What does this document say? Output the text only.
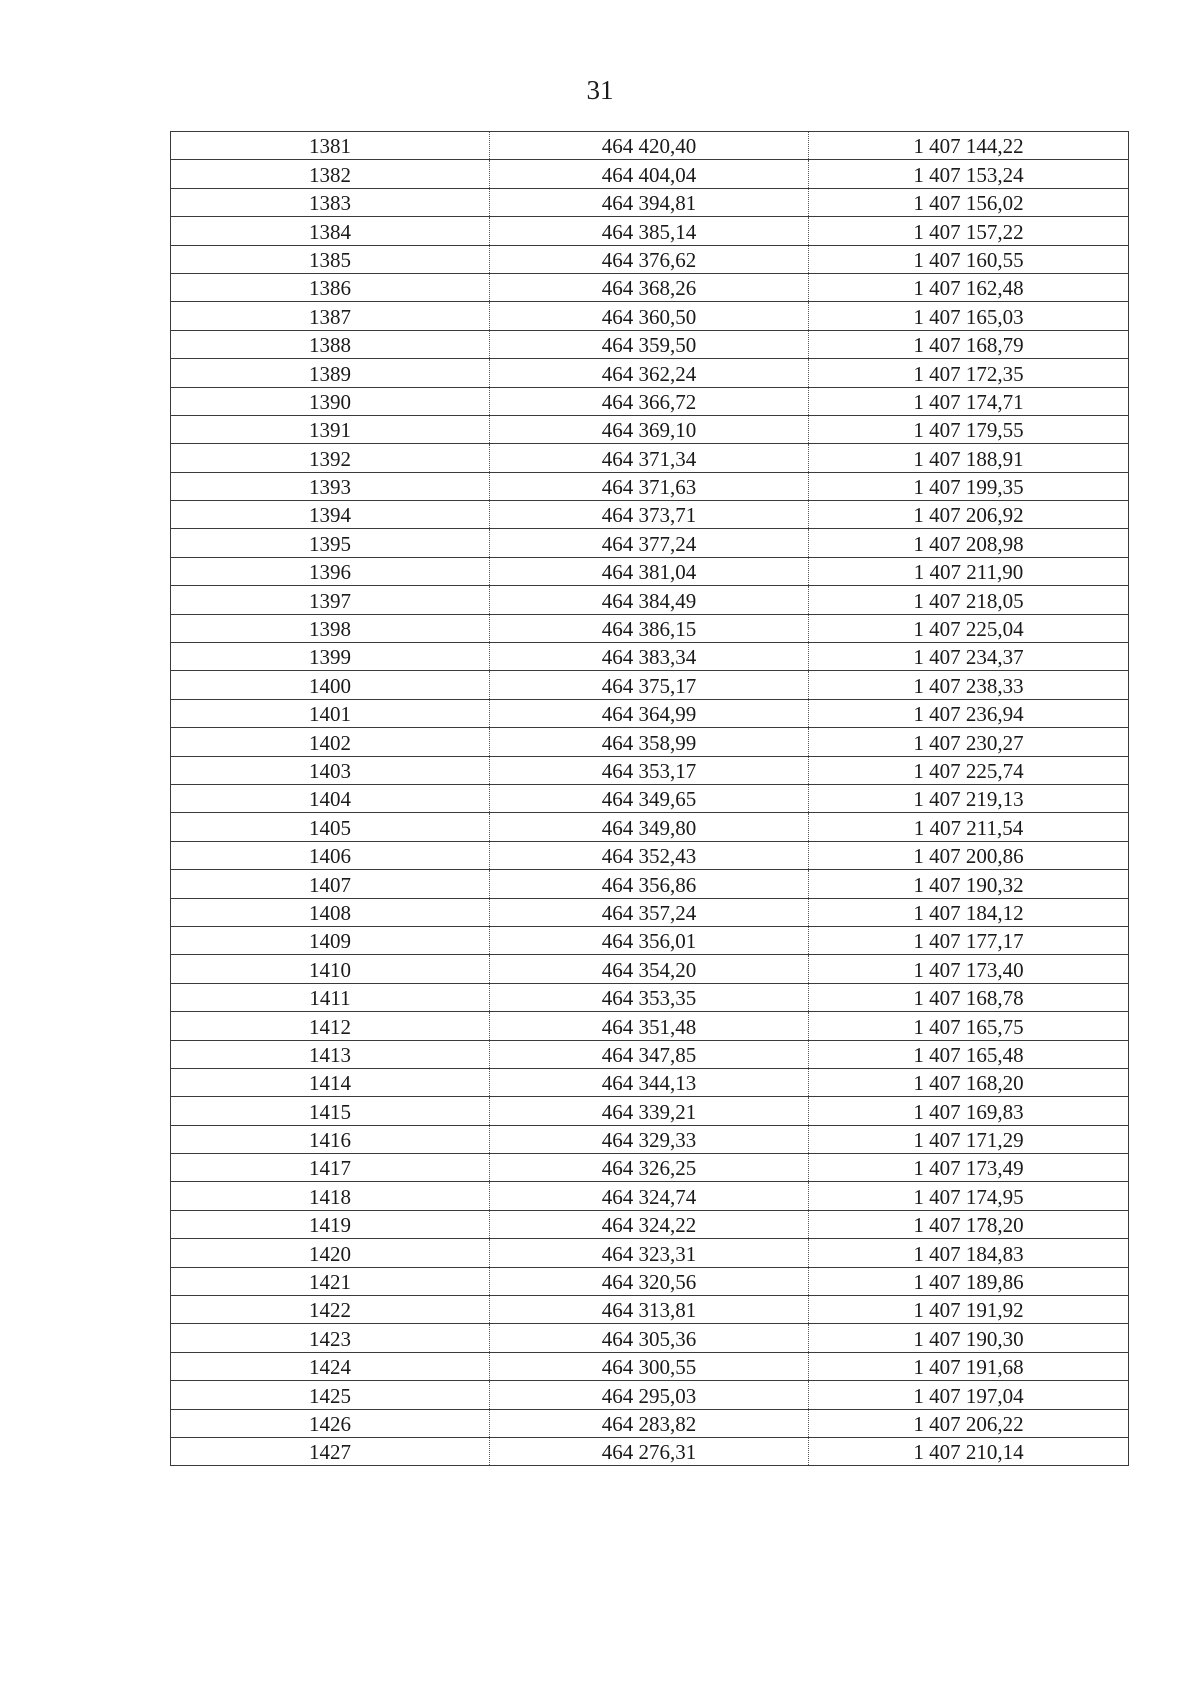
31
1381	464 420,40	1 407 144,22
1382	464 404,04	1 407 153,24
1383	464 394,81	1 407 156,02
1384	464 385,14	1 407 157,22
1385	464 376,62	1 407 160,55
1386	464 368,26	1 407 162,48
1387	464 360,50	1 407 165,03
1388	464 359,50	1 407 168,79
1389	464 362,24	1 407 172,35
1390	464 366,72	1 407 174,71
1391	464 369,10	1 407 179,55
1392	464 371,34	1 407 188,91
1393	464 371,63	1 407 199,35
1394	464 373,71	1 407 206,92
1395	464 377,24	1 407 208,98
1396	464 381,04	1 407 211,90
1397	464 384,49	1 407 218,05
1398	464 386,15	1 407 225,04
1399	464 383,34	1 407 234,37
1400	464 375,17	1 407 238,33
1401	464 364,99	1 407 236,94
1402	464 358,99	1 407 230,27
1403	464 353,17	1 407 225,74
1404	464 349,65	1 407 219,13
1405	464 349,80	1 407 211,54
1406	464 352,43	1 407 200,86
1407	464 356,86	1 407 190,32
1408	464 357,24	1 407 184,12
1409	464 356,01	1 407 177,17
1410	464 354,20	1 407 173,40
1411	464 353,35	1 407 168,78
1412	464 351,48	1 407 165,75
1413	464 347,85	1 407 165,48
1414	464 344,13	1 407 168,20
1415	464 339,21	1 407 169,83
1416	464 329,33	1 407 171,29
1417	464 326,25	1 407 173,49
1418	464 324,74	1 407 174,95
1419	464 324,22	1 407 178,20
1420	464 323,31	1 407 184,83
1421	464 320,56	1 407 189,86
1422	464 313,81	1 407 191,92
1423	464 305,36	1 407 190,30
1424	464 300,55	1 407 191,68
1425	464 295,03	1 407 197,04
1426	464 283,82	1 407 206,22
1427	464 276,31	1 407 210,14
